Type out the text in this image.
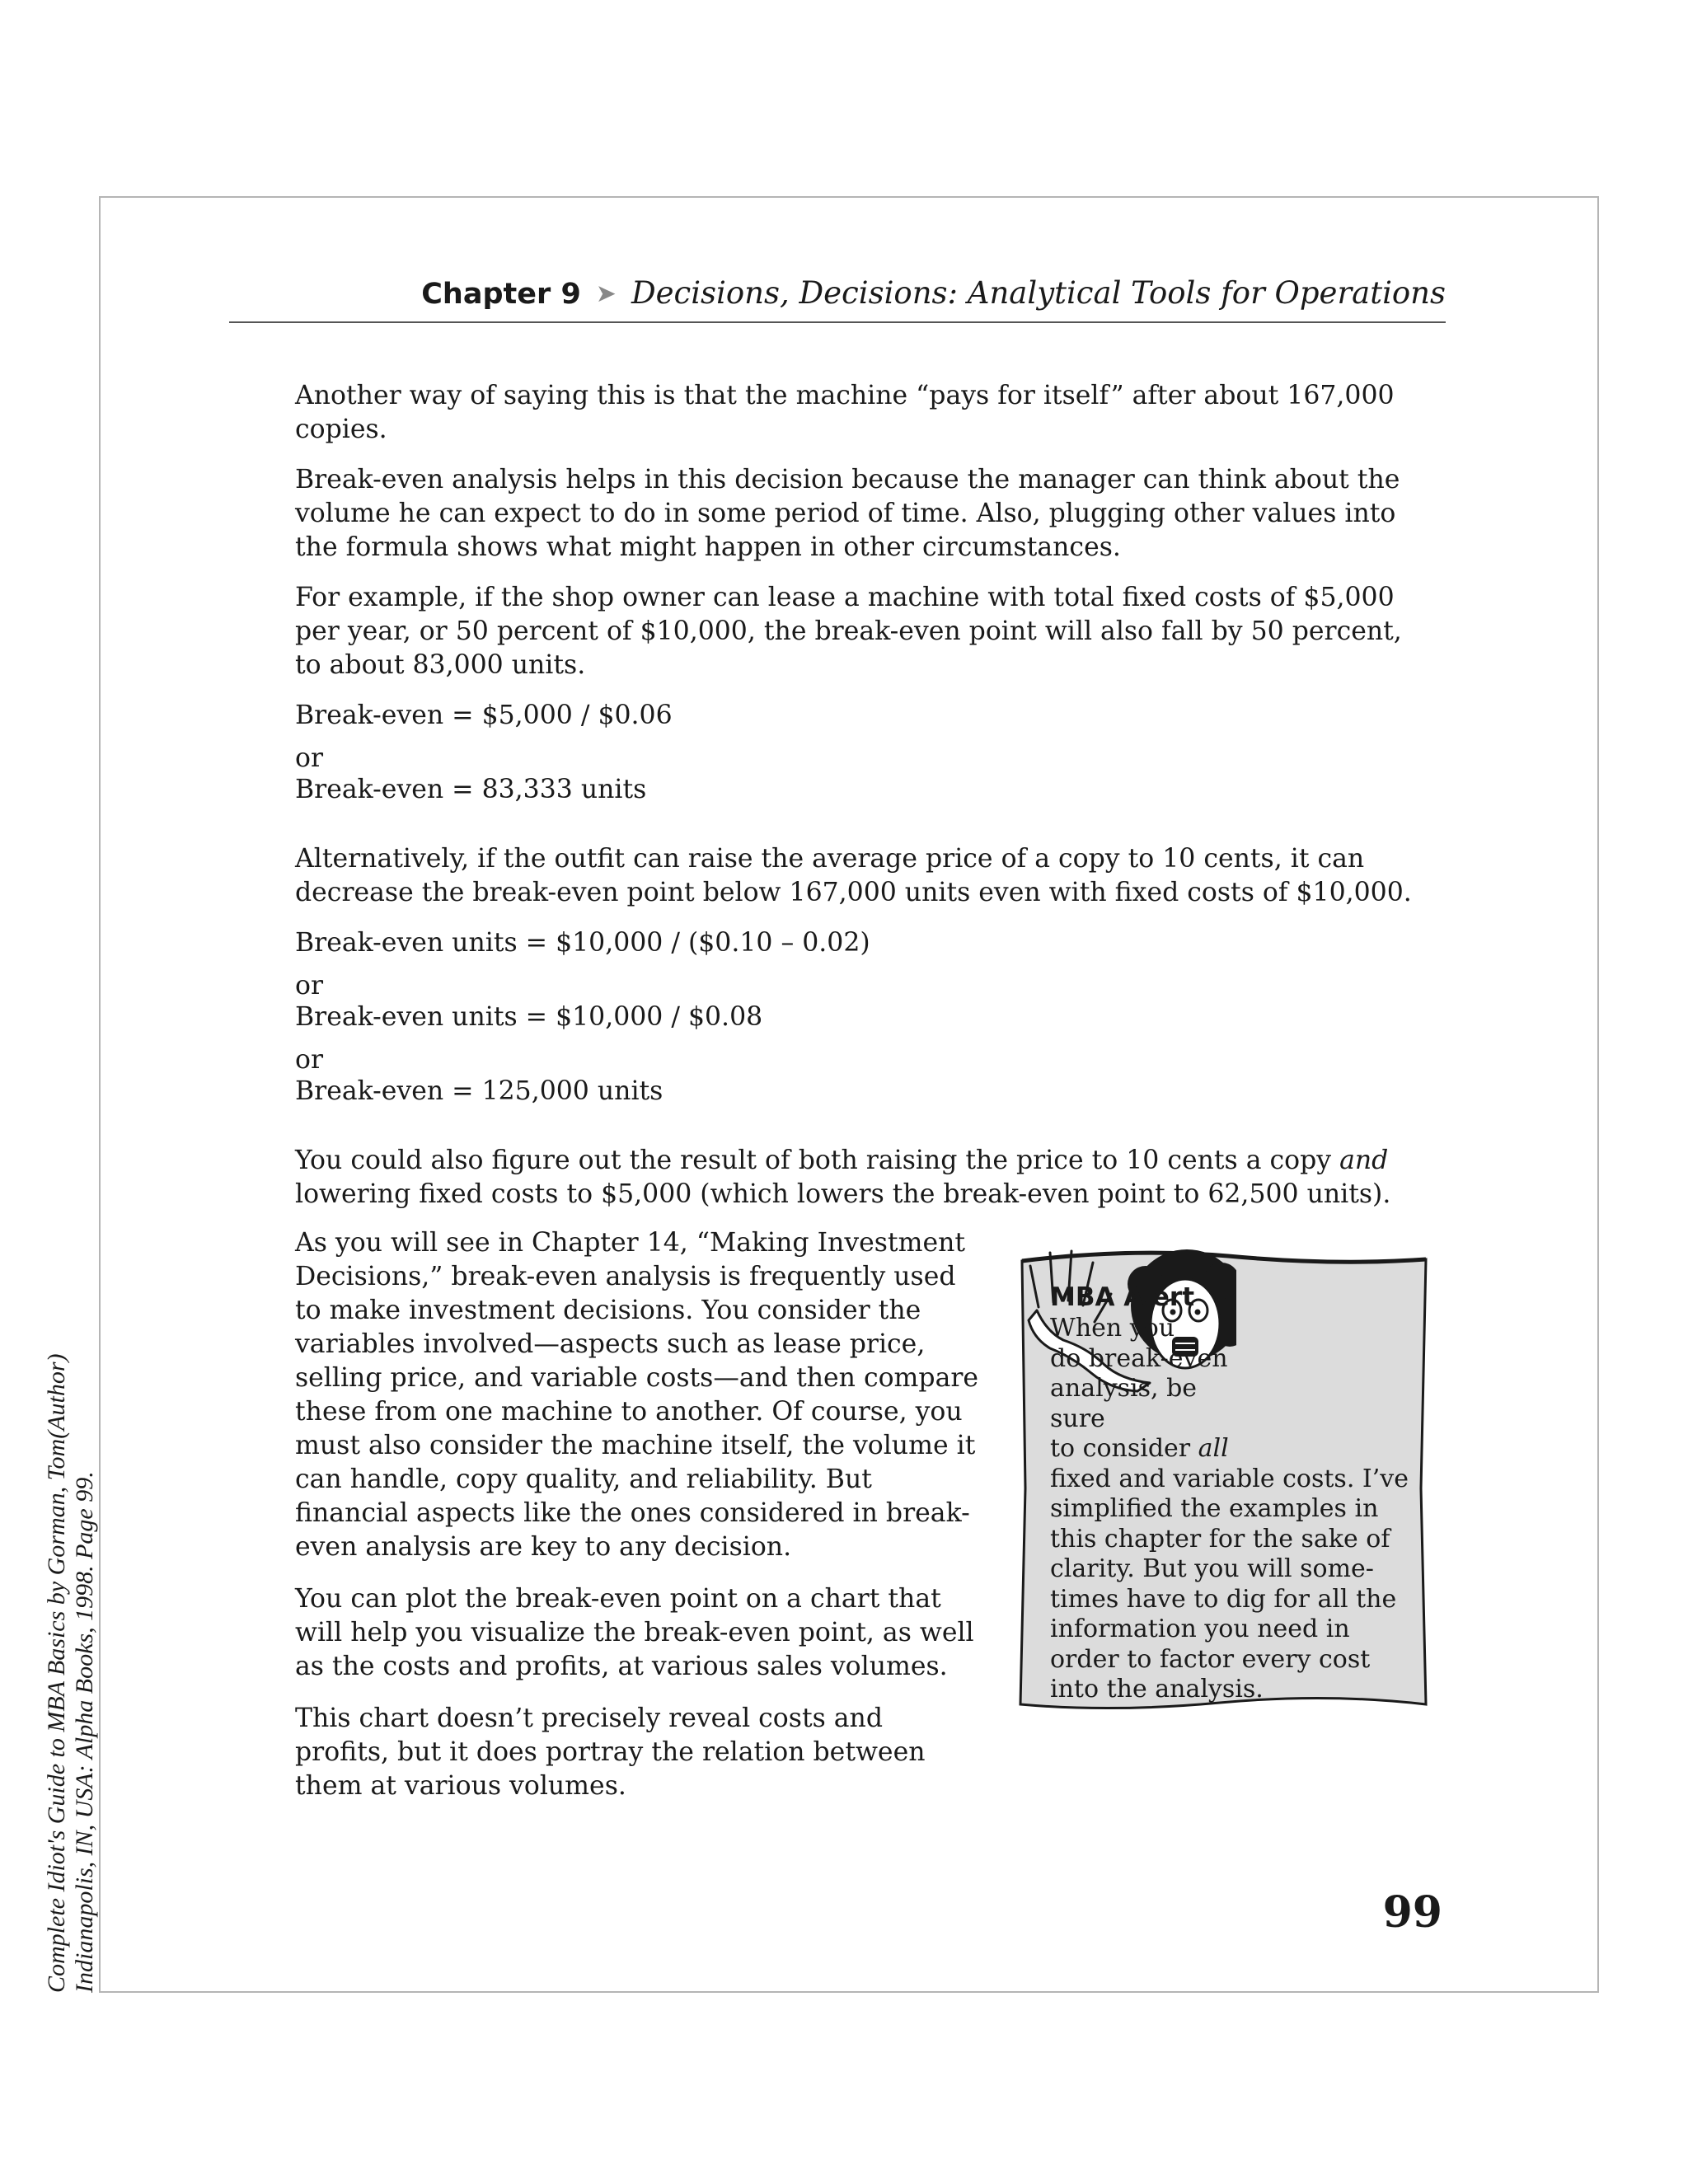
Chapter 9 ➤ Decisions, Decisions: Analytical Tools for Operations

Another way of saying this is that the machine “pays for itself” after about 167,000 copies.

Break-even analysis helps in this decision because the manager can think about the volume he can expect to do in some period of time. Also, plugging other values into the formula shows what might happen in other circumstances.

For example, if the shop owner can lease a machine with total fixed costs of $5,000 per year, or 50 percent of $10,000, the break-even point will also fall by 50 percent, to about 83,000 units.

Break-even = $5,000 / $0.06

or

Break-even = 83,333 units

Alternatively, if the outfit can raise the average price of a copy to 10 cents, it can decrease the break-even point below 167,000 units even with fixed costs of $10,000.

Break-even units = $10,000 / ($0.10 – 0.02)

or

Break-even units = $10,000 / $0.08

or

Break-even = 125,000 units

You could also figure out the result of both raising the price to 10 cents a copy and lowering fixed costs to $5,000 (which lowers the break-even point to 62,500 units).

As you will see in Chapter 14, “Making Investment Decisions,” break-even analysis is frequently used to make investment decisions. You consider the variables involved—aspects such as lease price, selling price, and variable costs—and then compare these from one machine to another. Of course, you must also consider the machine itself, the volume it can handle, copy quality, and reliability. But financial aspects like the ones considered in break-even analysis are key to any decision.

You can plot the break-even point on a chart that will help you visualize the break-even point, as well as the costs and profits, at various sales volumes.

This chart doesn’t precisely reveal costs and profits, but it does portray the relation between them at various volumes.

MBA Alert
When you
do break-even
analysis, be sure
to consider all
fixed and variable costs. I’ve simplified the examples in this chapter for the sake of clarity. But you will some-times have to dig for all the information you need in order to factor every cost into the analysis.
99
Complete Idiot's Guide to MBA Basics by Gorman, Tom(Author) Indianapolis, IN, USA: Alpha Books, 1998. Page 99.
